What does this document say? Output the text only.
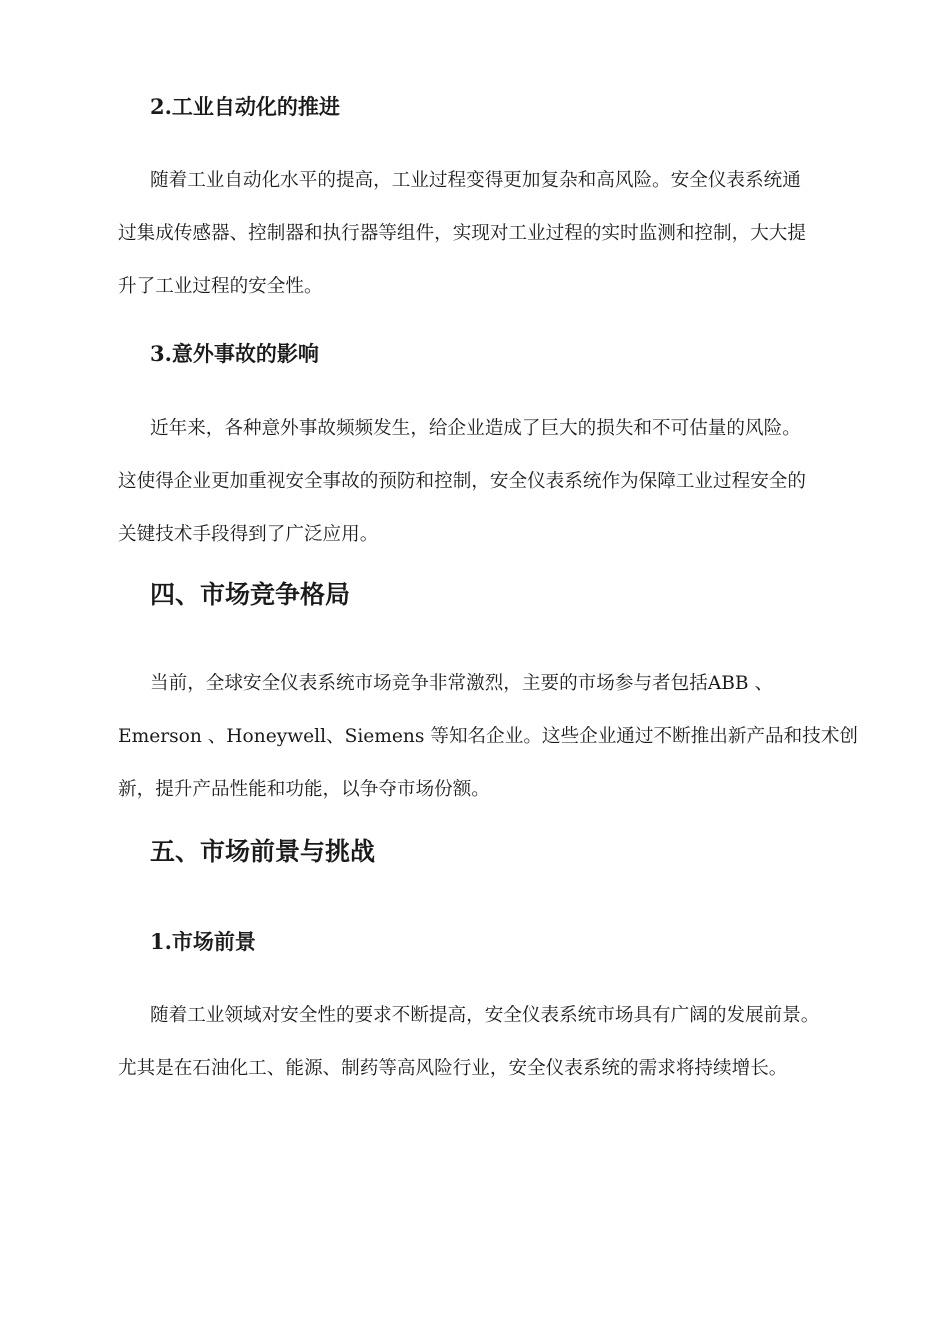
2.工业自动化的推进

随着工业自动化水平的提高，工业过程变得更加复杂和高风险。安全仪表系统通
过集成传感器、控制器和执行器等组件，实现对工业过程的实时监测和控制，大大提
升了工业过程的安全性。

3.意外事故的影响

近年来，各种意外事故频频发生，给企业造成了巨大的损失和不可估量的风险。
这使得企业更加重视安全事故的预防和控制，安全仪表系统作为保障工业过程安全的
关键技术手段得到了广泛应用。

四、市场竞争格局

当前，全球安全仪表系统市场竞争非常激烈，主要的市场参与者包括ABB 、
Emerson 、Honeywell、Siemens 等知名企业。这些企业通过不断推出新产品和技术创
新，提升产品性能和功能，以争夺市场份额。

五、市场前景与挑战
1.市场前景

随着工业领域对安全性的要求不断提高，安全仪表系统市场具有广阔的发展前景。
尤其是在石油化工、能源、制药等高风险行业，安全仪表系统的需求将持续增长。
